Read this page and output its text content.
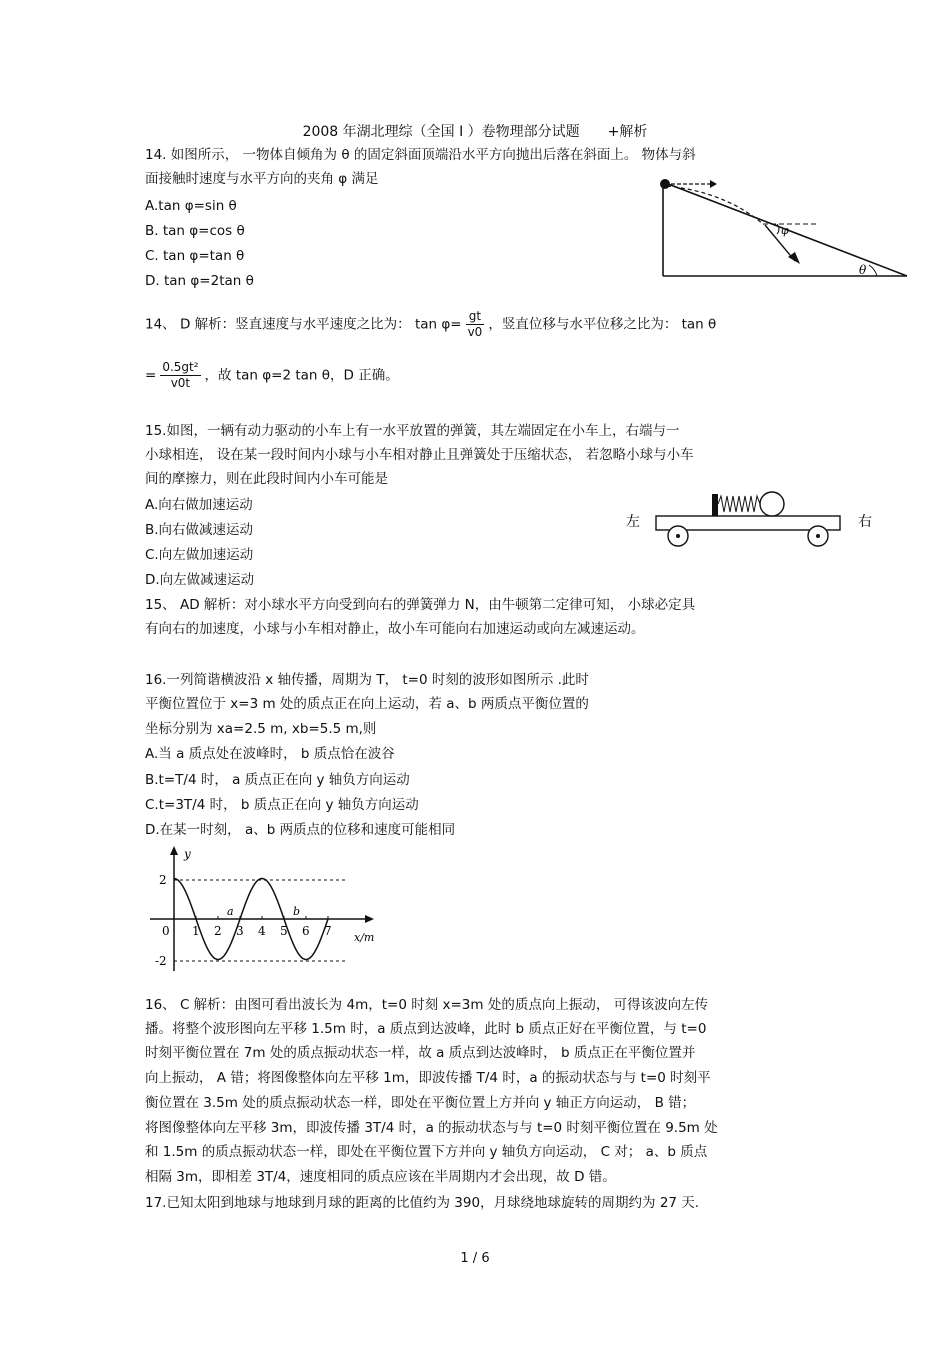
2008 年湖北理综（全国 I ）卷物理部分试题　　+解析
14. 如图所示， 一物体自倾角为 θ 的固定斜面顶端沿水平方向抛出后落在斜面上。 物体与斜
面接触时速度与水平方向的夹角 φ 满足
A.tan φ=sin θ
B. tan φ=cos θ
C. tan φ=tan θ
D. tan φ=2tan θ
φ
θ
14、 D 解析：竖直速度与水平速度之比为： $\tan \varphi= \frac{gt}{v0}$ ，竖直位移与水平位移之比为： tan θ
= $\frac{\text{0.5gt²}}{v0t}$ ，故 tan φ=2 tan θ，D 正确。
15.如图，一辆有动力驱动的小车上有一水平放置的弹簧，其左端固定在小车上，右端与一
小球相连， 设在某一段时间内小球与小车相对静止且弹簧处于压缩状态， 若忽略小球与小车
间的摩擦力，则在此段时间内小车可能是
A.向右做加速运动
B.向右做减速运动
C.向左做加速运动
D.向左做减速运动
左	右
15、 AD 解析：对小球水平方向受到向右的弹簧弹力 N，由牛顿第二定律可知， 小球必定具
有向右的加速度，小球与小车相对静止，故小车可能向右加速运动或向左减速运动。
16.一列简谐横波沿 x 轴传播，周期为 T， t=0 时刻的波形如图所示 .此时
平衡位置位于 x=3 m 处的质点正在向上运动，若 a、b 两质点平衡位置的
坐标分别为 xa=2.5 m, xb=5.5 m,则
A.当 a 质点处在波峰时， b 质点恰在波谷
B.t=T/4 时， a 质点正在向 y 轴负方向运动
C.t=3T/4 时， b 质点正在向 y 轴负方向运动
D.在某一时刻， a、b 两质点的位移和速度可能相同
y
x/m
0
2
-2
1 2 3 4 5 6 7
a	b
16、 C 解析：由图可看出波长为 4m，t=0 时刻 x=3m 处的质点向上振动， 可得该波向左传
播。将整个波形图向左平移 1.5m 时，a 质点到达波峰，此时 b 质点正好在平衡位置，与 t=0
时刻平衡位置在 7m 处的质点振动状态一样，故 a 质点到达波峰时， b 质点正在平衡位置并
向上振动， A 错；将图像整体向左平移 1m，即波传播 T/4 时，a 的振动状态与与 t=0 时刻平
衡位置在 3.5m 处的质点振动状态一样，即处在平衡位置上方并向 y 轴正方向运动， B 错；
将图像整体向左平移 3m，即波传播 3T/4 时，a 的振动状态与与 t=0 时刻平衡位置在 9.5m 处
和 1.5m 的质点振动状态一样，即处在平衡位置下方并向 y 轴负方向运动， C 对； a、b 质点
相隔 3m，即相差 3T/4，速度相同的质点应该在半周期内才会出现，故 D 错。
17.已知太阳到地球与地球到月球的距离的比值约为 390，月球绕地球旋转的周期约为 27 天.
1 / 6
